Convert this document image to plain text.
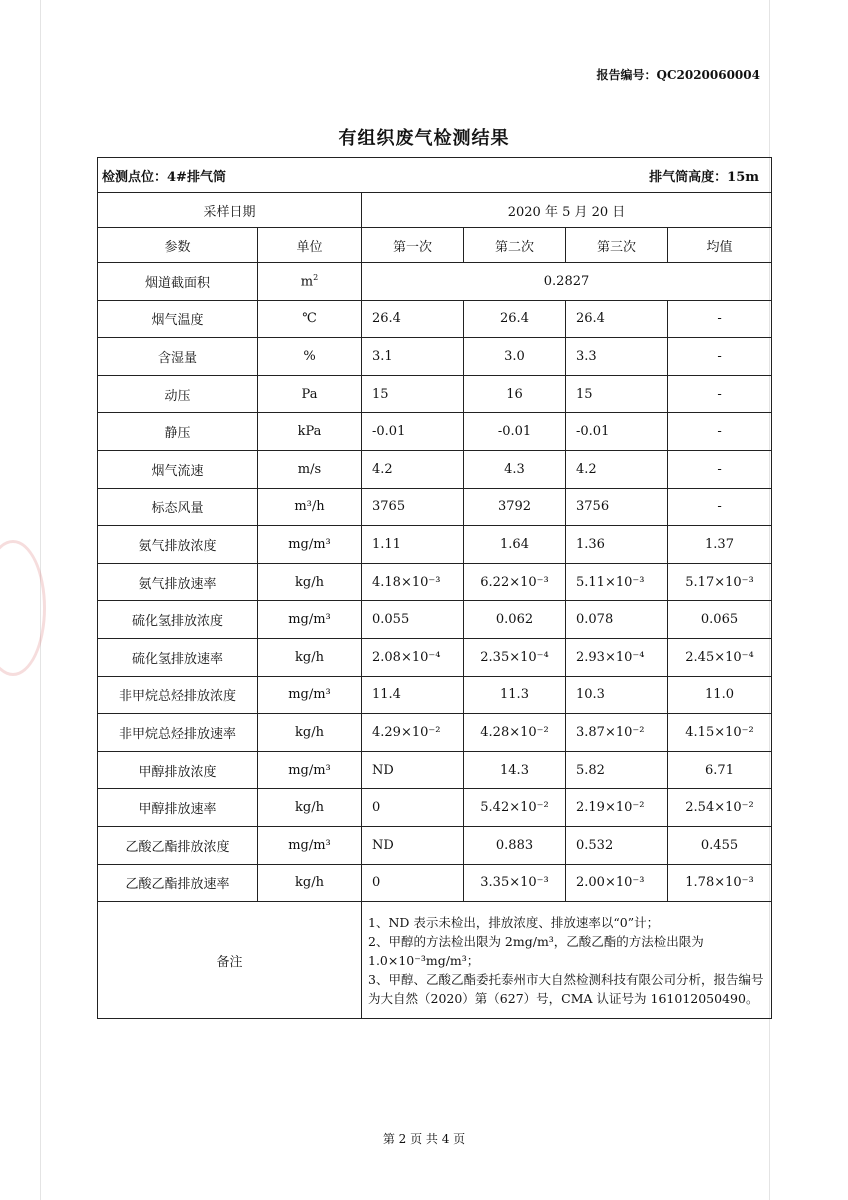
报告编号：QC2020060004
有组织废气检测结果
检测点位：4#排气筒 排气筒高度：15m					

采样日期		2020 年 5 月 20 日			
参数	单位	第一次	第二次	第三次	均值
烟道截面积	$m^2$	0.2827			
烟气温度	℃	26.4	26.4	26.4	-
含湿量	%	3.1	3.0	3.3	-
动压	Pa	15	16	15	-
静压	kPa	-0.01	-0.01	-0.01	-
烟气流速	m/s	4.2	4.3	4.2	-
标态风量	m³/h	3765	3792	3756	-
氨气排放浓度	mg/m³	1.11	1.64	1.36	1.37
氨气排放速率	kg/h	4.18×10⁻³	6.22×10⁻³	5.11×10⁻³	5.17×10⁻³
硫化氢排放浓度	mg/m³	0.055	0.062	0.078	0.065
硫化氢排放速率	kg/h	2.08×10⁻⁴	2.35×10⁻⁴	2.93×10⁻⁴	2.45×10⁻⁴
非甲烷总烃排放浓度	mg/m³	11.4	11.3	10.3	11.0
非甲烷总烃排放速率	kg/h	4.29×10⁻²	4.28×10⁻²	3.87×10⁻²	4.15×10⁻²
甲醇排放浓度	mg/m³	ND	14.3	5.82	6.71
甲醇排放速率	kg/h	0	5.42×10⁻²	2.19×10⁻²	2.54×10⁻²
乙酸乙酯排放浓度	mg/m³	ND	0.883	0.532	0.455
乙酸乙酯排放速率	kg/h	0	3.35×10⁻³	2.00×10⁻³	1.78×10⁻³
备注		1、ND 表示未检出，排放浓度、排放速率以“0”计；
2、甲醇的方法检出限为 2mg/m³，乙酸乙酯的方法检出限为 1.0×10⁻³mg/m³；
3、甲醇、乙酸乙酯委托泰州市大自然检测科技有限公司分析，报告编号为大自然（2020）第（627）号，CMA 认证号为 161012050490。			
第 2 页 共 4 页
